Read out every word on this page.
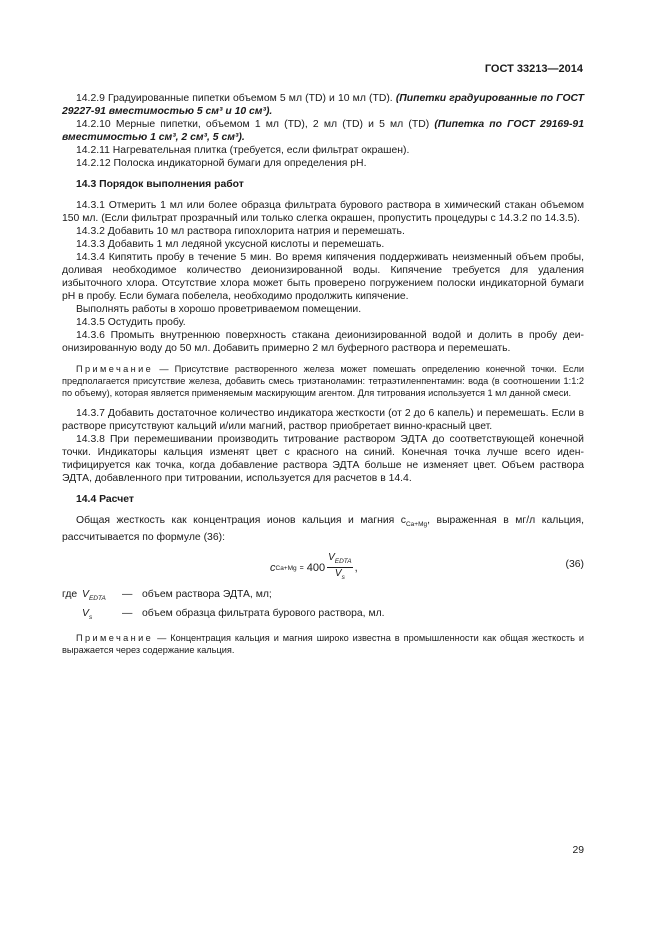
ГОСТ 33213—2014

14.2.9 Градуированные пипетки объемом 5 мл (TD) и 10 мл (TD). (Пипетки градуированные по ГОСТ 29227-91 вместимостью 5 см³ и 10 см³).

14.2.10 Мерные пипетки, объемом 1 мл (TD), 2 мл (TD) и 5 мл (TD) (Пипетка по ГОСТ 29169-91 вместимостью 1 см³, 2 см³, 5 см³).

14.2.11 Нагревательная плитка (требуется, если фильтрат окрашен).

14.2.12 Полоска индикаторной бумаги для определения pH.

14.3 Порядок выполнения работ

14.3.1 Отмерить 1 мл или более образца фильтрата бурового раствора в химический стакан объемом 150 мл. (Если фильтрат прозрачный или только слегка окрашен, пропустить процедуры с 14.3.2 по 14.3.5).

14.3.2 Добавить 10 мл раствора гипохлорита натрия и перемешать.

14.3.3 Добавить 1 мл ледяной уксусной кислоты и перемешать.

14.3.4 Кипятить пробу в течение 5 мин. Во время кипячения поддерживать неизменный объем пробы, доливая необходимое количество деионизированной воды. Кипячение требуется для удаления избыточного хлора. Отсутствие хлора может быть проверено погружением полоски индикаторной бумаги pH в пробу. Если бумага побелела, необходимо продолжить кипячение.

Выполнять работы в хорошо проветриваемом помещении.

14.3.5 Остудить пробу.

14.3.6 Промыть внутреннюю поверхность стакана деионизированной водой и долить в пробу деионизированную воду до 50 мл. Добавить примерно 2 мл буферного раствора и перемешать.

Примечание — Присутствие растворенного железа может помешать определению конечной точки. Если предполагается присутствие железа, добавить смесь триэтаноламин: тетраэтиленпентамин: вода (в соотношении 1:1:2 по объему), которая является применяемым маскирующим агентом. Для титрования используется 1 мл данной смеси.

14.3.7 Добавить достаточное количество индикатора жесткости (от 2 до 6 капель) и перемешать. Если в растворе присутствуют кальций и/или магний, раствор приобретает винно-красный цвет.

14.3.8 При перемешивании производить титрование раствором ЭДТА до соответствующей конечной точки. Индикаторы кальция изменят цвет с красного на синий. Конечная точка лучше всего идентифицируется как точка, когда добавление раствора ЭДТА больше не изменяет цвет. Объем раствора ЭДТА, добавленного при титровании, используется для расчетов в 14.4.

14.4 Расчет

Общая жесткость как концентрация ионов кальция и магния $c_{Ca+Mg}$, выраженная в мг/л кальция, рассчитывается по формуле (36):

c $Ca+Mg = 400 \frac{V_{EDTA}}{V_s}$ ,	(36)
где $V_{EDTA}$	— объем раствора ЭДТА, мл;
$V_s$	— объем образца фильтрата бурового раствора, мл.

Примечание — Концентрация кальция и магния широко известна в промышленности как общая жесткость и выражается через содержание кальция.

29
